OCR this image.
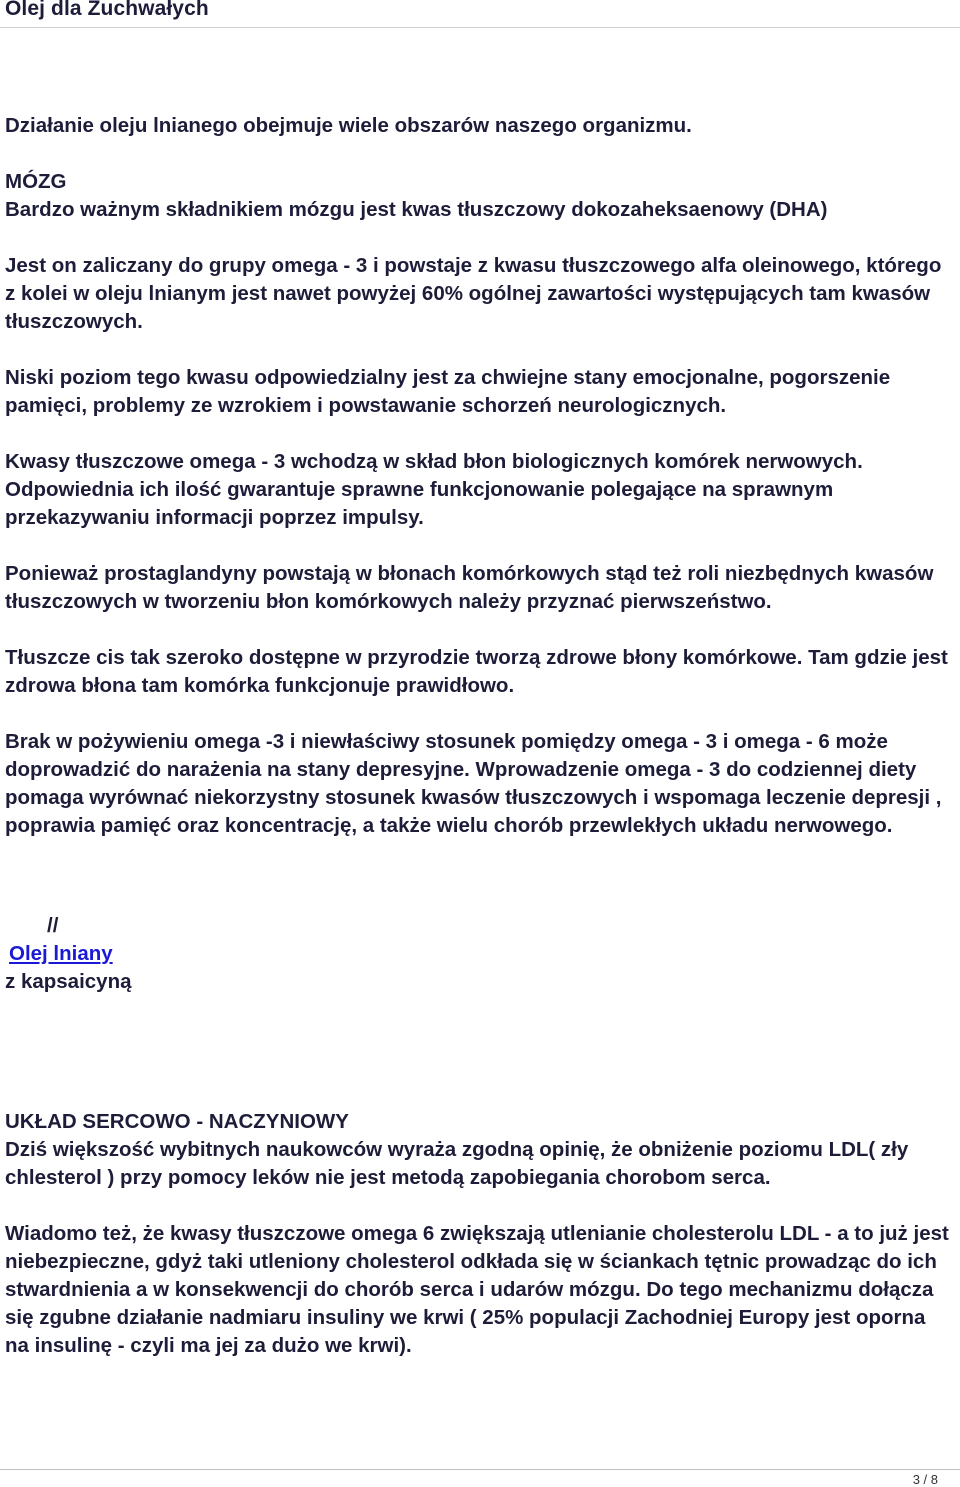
Olej dla Zuchwałych

Działanie oleju lnianego obejmuje wiele obszarów naszego organizmu.

MÓZG

Bardzo ważnym składnikiem mózgu jest kwas tłuszczowy dokozaheksaenowy (DHA)

Jest on zaliczany do grupy omega - 3 i powstaje z kwasu tłuszczowego alfa oleinowego, którego z kolei w oleju lnianym jest nawet powyżej 60% ogólnej zawartości występujących tam kwasów tłuszczowych.

Niski poziom tego kwasu odpowiedzialny jest za chwiejne stany emocjonalne, pogorszenie pamięci, problemy ze wzrokiem i powstawanie schorzeń neurologicznych.

Kwasy tłuszczowe omega - 3 wchodzą w skład błon biologicznych komórek nerwowych. Odpowiednia ich ilość gwarantuje sprawne funkcjonowanie polegające na sprawnym przekazywaniu informacji poprzez impulsy.

Ponieważ prostaglandyny powstają w błonach komórkowych stąd też roli niezbędnych kwasów tłuszczowych w tworzeniu błon komórkowych należy przyznać pierwszeństwo.

Tłuszcze cis tak szeroko dostępne w przyrodzie tworzą zdrowe błony komórkowe. Tam gdzie jest zdrowa błona tam komórka funkcjonuje prawidłowo.

Brak w pożywieniu omega -3 i niewłaściwy stosunek pomiędzy omega - 3 i omega - 6 może doprowadzić do narażenia na stany depresyjne. Wprowadzenie omega - 3 do codziennej diety pomaga wyrównać niekorzystny stosunek kwasów tłuszczowych i wspomaga leczenie depresji , poprawia pamięć oraz koncentrację, a także wielu chorób przewlekłych układu nerwowego.

//
Olej lniany
z kapsaicyną

UKŁAD SERCOWO - NACZYNIOWY

Dziś większość wybitnych naukowców wyraża zgodną opinię, że obniżenie poziomu LDL( zły chlesterol ) przy pomocy leków nie jest metodą zapobiegania chorobom serca.

Wiadomo też, że kwasy tłuszczowe omega 6 zwiększają utlenianie cholesterolu LDL - a to już jest niebezpieczne, gdyż taki utleniony cholesterol odkłada się w ściankach tętnic prowadząc do ich stwardnienia a w konsekwencji do chorób serca i udarów mózgu. Do tego mechanizmu dołącza się zgubne działanie nadmiaru insuliny we krwi ( 25% populacji Zachodniej Europy jest oporna na insulinę - czyli ma jej za dużo we krwi).

3 / 8
